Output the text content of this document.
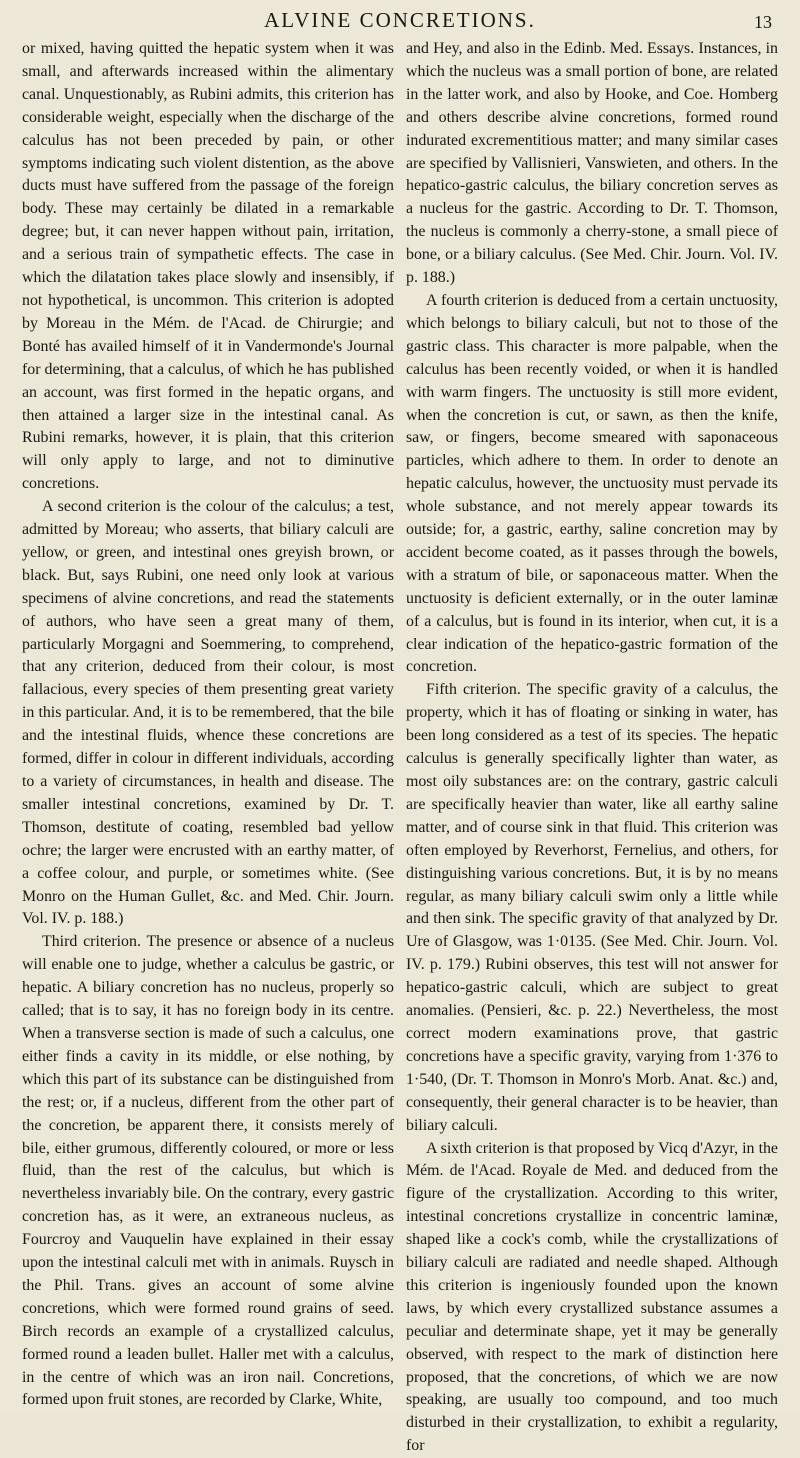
ALVINE CONCRETIONS.	13

or mixed, having quitted the hepatic system when it was small, and afterwards increased within the alimentary canal. Unquestionably, as Rubini admits, this criterion has considerable weight, especially when the discharge of the calculus has not been preceded by pain, or other symptoms indicating such violent distention, as the above ducts must have suffered from the passage of the foreign body. These may certainly be dilated in a remarkable degree; but, it can never happen without pain, irritation, and a serious train of sympathetic effects. The case in which the dilatation takes place slowly and insensibly, if not hypothetical, is uncommon. This criterion is adopted by Moreau in the Mém. de l'Acad. de Chirurgie; and Bonté has availed himself of it in Vandermonde's Journal for determining, that a calculus, of which he has published an account, was first formed in the hepatic organs, and then attained a larger size in the intestinal canal. As Rubini remarks, however, it is plain, that this criterion will only apply to large, and not to diminutive concretions.

A second criterion is the colour of the calculus; a test, admitted by Moreau; who asserts, that biliary calculi are yellow, or green, and intestinal ones greyish brown, or black. But, says Rubini, one need only look at various specimens of alvine concretions, and read the statements of authors, who have seen a great many of them, particularly Morgagni and Soemmering, to comprehend, that any criterion, deduced from their colour, is most fallacious, every species of them presenting great variety in this particular. And, it is to be remembered, that the bile and the intestinal fluids, whence these concretions are formed, differ in colour in different individuals, according to a variety of circumstances, in health and disease. The smaller intestinal concretions, examined by Dr. T. Thomson, destitute of coating, resembled bad yellow ochre; the larger were encrusted with an earthy matter, of a coffee colour, and purple, or sometimes white. (See Monro on the Human Gullet, &c. and Med. Chir. Journ. Vol. IV. p. 188.)

Third criterion. The presence or absence of a nucleus will enable one to judge, whether a calculus be gastric, or hepatic. A biliary concretion has no nucleus, properly so called; that is to say, it has no foreign body in its centre. When a transverse section is made of such a calculus, one either finds a cavity in its middle, or else nothing, by which this part of its substance can be distinguished from the rest; or, if a nucleus, different from the other part of the concretion, be apparent there, it consists merely of bile, either grumous, differently coloured, or more or less fluid, than the rest of the calculus, but which is nevertheless invariably bile. On the contrary, every gastric concretion has, as it were, an extraneous nucleus, as Fourcroy and Vauquelin have explained in their essay upon the intestinal calculi met with in animals. Ruysch in the Phil. Trans. gives an account of some alvine concretions, which were formed round grains of seed. Birch records an example of a crystallized calculus, formed round a leaden bullet. Haller met with a calculus, in the centre of which was an iron nail. Concretions, formed upon fruit stones, are recorded by Clarke, White,

and Hey, and also in the Edinb. Med. Essays. Instances, in which the nucleus was a small portion of bone, are related in the latter work, and also by Hooke, and Coe. Homberg and others describe alvine concretions, formed round indurated excrementitious matter; and many similar cases are specified by Vallisnieri, Vanswieten, and others. In the hepatico-gastric calculus, the biliary concretion serves as a nucleus for the gastric. According to Dr. T. Thomson, the nucleus is commonly a cherry-stone, a small piece of bone, or a biliary calculus. (See Med. Chir. Journ. Vol. IV. p. 188.)

A fourth criterion is deduced from a certain unctuosity, which belongs to biliary calculi, but not to those of the gastric class. This character is more palpable, when the calculus has been recently voided, or when it is handled with warm fingers. The unctuosity is still more evident, when the concretion is cut, or sawn, as then the knife, saw, or fingers, become smeared with saponaceous particles, which adhere to them. In order to denote an hepatic calculus, however, the unctuosity must pervade its whole substance, and not merely appear towards its outside; for, a gastric, earthy, saline concretion may by accident become coated, as it passes through the bowels, with a stratum of bile, or saponaceous matter. When the unctuosity is deficient externally, or in the outer laminæ of a calculus, but is found in its interior, when cut, it is a clear indication of the hepatico-gastric formation of the concretion.

Fifth criterion. The specific gravity of a calculus, the property, which it has of floating or sinking in water, has been long considered as a test of its species. The hepatic calculus is generally specifically lighter than water, as most oily substances are: on the contrary, gastric calculi are specifically heavier than water, like all earthy saline matter, and of course sink in that fluid. This criterion was often employed by Reverhorst, Fernelius, and others, for distinguishing various concretions. But, it is by no means regular, as many biliary calculi swim only a little while and then sink. The specific gravity of that analyzed by Dr. Ure of Glasgow, was 1·0135. (See Med. Chir. Journ. Vol. IV. p. 179.) Rubini observes, this test will not answer for hepatico-gastric calculi, which are subject to great anomalies. (Pensieri, &c. p. 22.) Nevertheless, the most correct modern examinations prove, that gastric concretions have a specific gravity, varying from 1·376 to 1·540, (Dr. T. Thomson in Monro's Morb. Anat. &c.) and, consequently, their general character is to be heavier, than biliary calculi.

A sixth criterion is that proposed by Vicq d'Azyr, in the Mém. de l'Acad. Royale de Med. and deduced from the figure of the crystallization. According to this writer, intestinal concretions crystallize in concentric laminæ, shaped like a cock's comb, while the crystallizations of biliary calculi are radiated and needle shaped. Although this criterion is ingeniously founded upon the known laws, by which every crystallized substance assumes a peculiar and determinate shape, yet it may be generally observed, with respect to the mark of distinction here proposed, that the concretions, of which we are now speaking, are usually too compound, and too much disturbed in their crystallization, to exhibit a regularity, for
